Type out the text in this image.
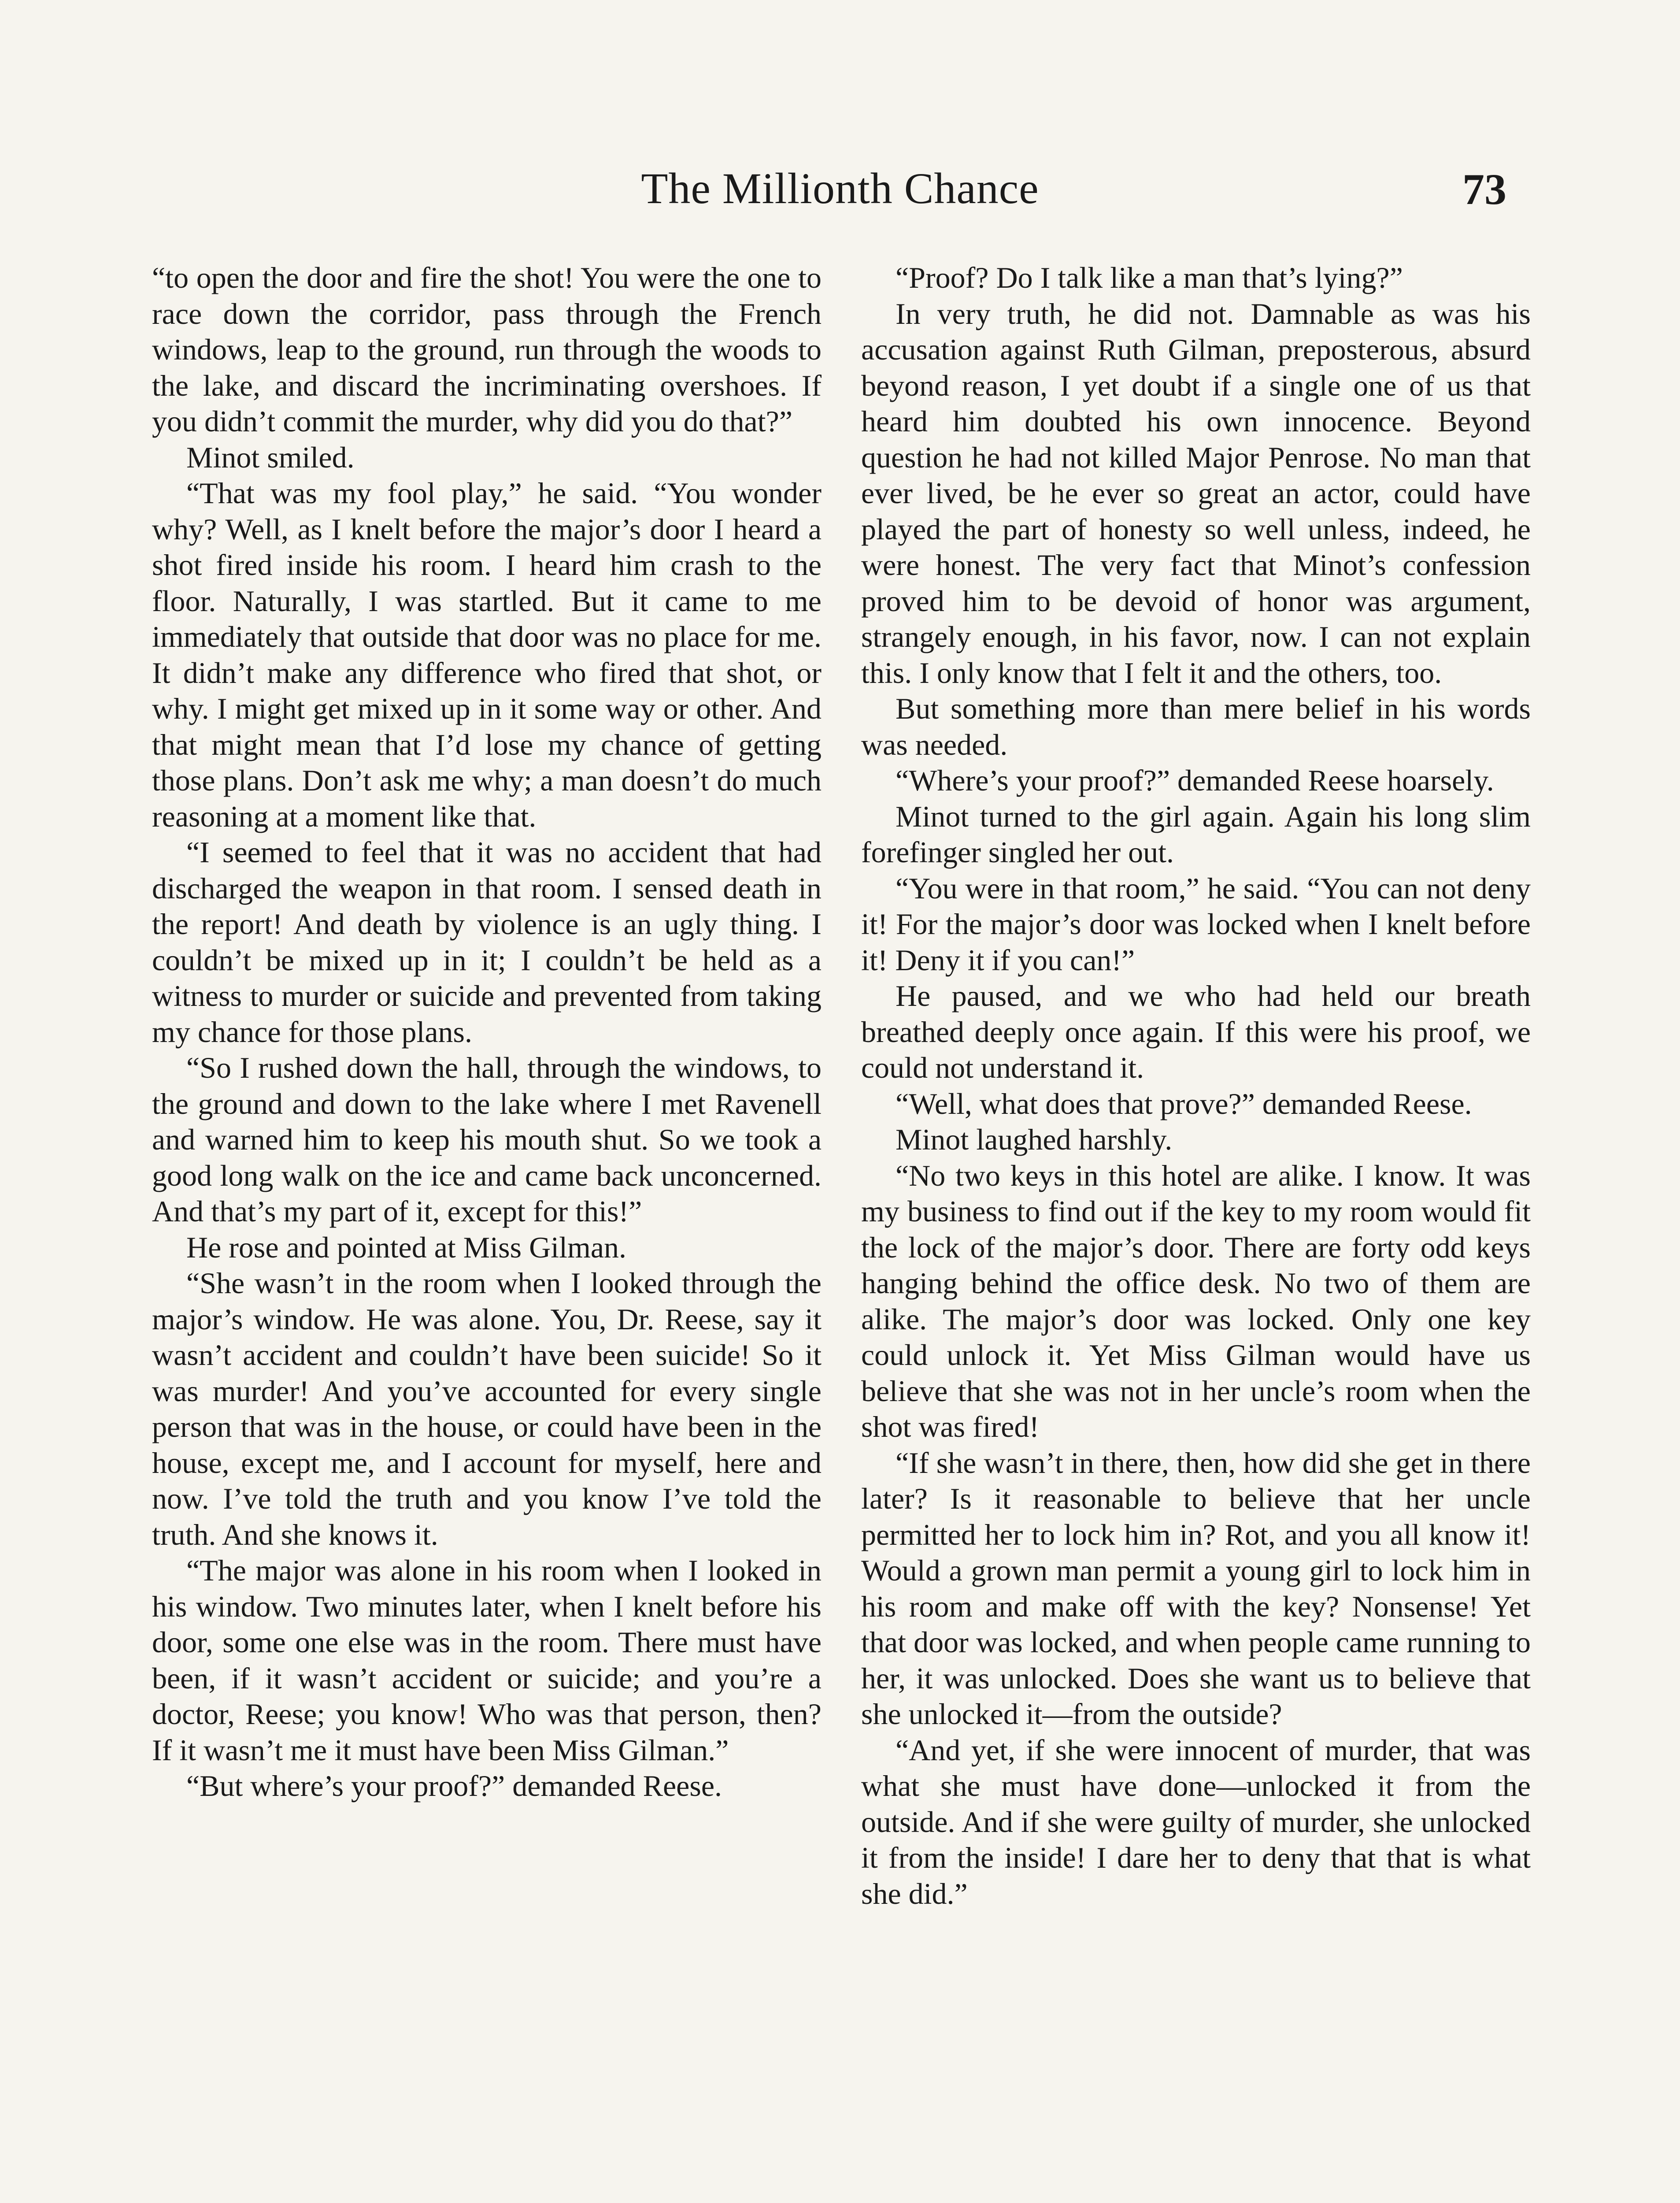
The Millionth Chance	73

“to open the door and fire the shot! You were the one to race down the corridor, pass through the French windows, leap to the ground, run through the woods to the lake, and discard the incriminating overshoes. If you didn’t commit the murder, why did you do that?”

Minot smiled.

“That was my fool play,” he said. “You wonder why? Well, as I knelt before the major’s door I heard a shot fired inside his room. I heard him crash to the floor. Naturally, I was startled. But it came to me immediately that outside that door was no place for me. It didn’t make any difference who fired that shot, or why. I might get mixed up in it some way or other. And that might mean that I’d lose my chance of getting those plans. Don’t ask me why; a man doesn’t do much reasoning at a moment like that.

“I seemed to feel that it was no accident that had discharged the weapon in that room. I sensed death in the report! And death by violence is an ugly thing. I couldn’t be mixed up in it; I couldn’t be held as a witness to murder or suicide and prevented from taking my chance for those plans.

“So I rushed down the hall, through the windows, to the ground and down to the lake where I met Ravenell and warned him to keep his mouth shut. So we took a good long walk on the ice and came back unconcerned. And that’s my part of it, except for this!”

He rose and pointed at Miss Gilman.

“She wasn’t in the room when I looked through the major’s window. He was alone. You, Dr. Reese, say it wasn’t accident and couldn’t have been suicide! So it was murder! And you’ve accounted for every single person that was in the house, or could have been in the house, except me, and I account for myself, here and now. I’ve told the truth and you know I’ve told the truth. And she knows it.

“The major was alone in his room when I looked in his window. Two minutes later, when I knelt before his door, some one else was in the room. There must have been, if it wasn’t accident or suicide; and you’re a doctor, Reese; you know! Who was that person, then? If it wasn’t me it must have been Miss Gilman.”

“But where’s your proof?” demanded Reese.

“Proof? Do I talk like a man that’s lying?”

In very truth, he did not. Damnable as was his accusation against Ruth Gilman, preposterous, absurd beyond reason, I yet doubt if a single one of us that heard him doubted his own innocence. Beyond question he had not killed Major Penrose. No man that ever lived, be he ever so great an actor, could have played the part of honesty so well unless, indeed, he were honest. The very fact that Minot’s confession proved him to be devoid of honor was argument, strangely enough, in his favor, now. I can not explain this. I only know that I felt it and the others, too.

But something more than mere belief in his words was needed.

“Where’s your proof?” demanded Reese hoarsely.

Minot turned to the girl again. Again his long slim forefinger singled her out.

“You were in that room,” he said. “You can not deny it! For the major’s door was locked when I knelt before it! Deny it if you can!”

He paused, and we who had held our breath breathed deeply once again. If this were his proof, we could not understand it.

“Well, what does that prove?” demanded Reese.

Minot laughed harshly.

“No two keys in this hotel are alike. I know. It was my business to find out if the key to my room would fit the lock of the major’s door. There are forty odd keys hanging behind the office desk. No two of them are alike. The major’s door was locked. Only one key could unlock it. Yet Miss Gilman would have us believe that she was not in her uncle’s room when the shot was fired!

“If she wasn’t in there, then, how did she get in there later? Is it reasonable to believe that her uncle permitted her to lock him in? Rot, and you all know it! Would a grown man permit a young girl to lock him in his room and make off with the key? Nonsense! Yet that door was locked, and when people came running to her, it was unlocked. Does she want us to believe that she unlocked it—from the outside?

“And yet, if she were innocent of murder, that was what she must have done—unlocked it from the outside. And if she were guilty of murder, she unlocked it from the inside! I dare her to deny that that is what she did.”
